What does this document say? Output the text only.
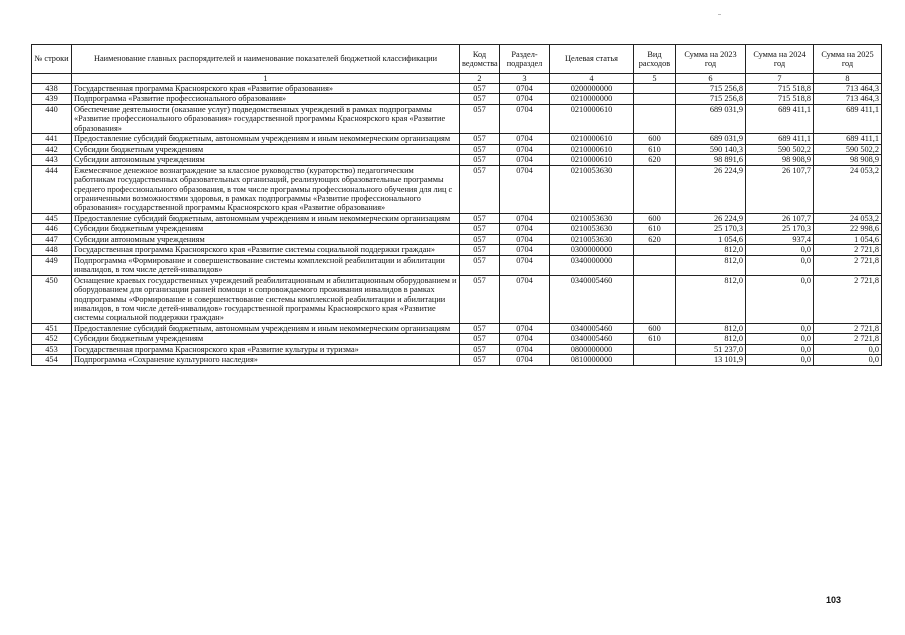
№ строки	Наименование главных распорядителей и наименование показателей бюджетной классификации	Код ведомства	Раздел-подраздел	Целевая статья	Вид расходов	Сумма на 2023 год	Сумма на 2024 год	Сумма на 2025 год
	1	2	3	4	5	6	7	8
438	Государственная программа Красноярского края «Развитие образования»	057	0704	0200000000		715 256,8	715 518,8	713 464,3
439	Подпрограмма «Развитие профессионального образования»	057	0704	0210000000		715 256,8	715 518,8	713 464,3
440	Обеспечение деятельности (оказание услуг) подведомственных учреждений в рамках подпрограммы «Развитие профессионального образования» государственной программы Красноярского края «Развитие образования»	057	0704	0210000610		689 031,9	689 411,1	689 411,1
441	Предоставление субсидий бюджетным, автономным учреждениям и иным некоммерческим организациям	057	0704	0210000610	600	689 031,9	689 411,1	689 411,1
442	Субсидии бюджетным учреждениям	057	0704	0210000610	610	590 140,3	590 502,2	590 502,2
443	Субсидии автономным учреждениям	057	0704	0210000610	620	98 891,6	98 908,9	98 908,9
444	Ежемесячное денежное вознаграждение за классное руководство (кураторство) педагогическим работникам государственных образовательных организаций, реализующих образовательные программы среднего профессионального образования, в том числе программы профессионального обучения для лиц с ограниченными возможностями здоровья, в рамках подпрограммы «Развитие профессионального образования» государственной программы Красноярского края «Развитие образования»	057	0704	0210053630		26 224,9	26 107,7	24 053,2
445	Предоставление субсидий бюджетным, автономным учреждениям и иным некоммерческим организациям	057	0704	0210053630	600	26 224,9	26 107,7	24 053,2
446	Субсидии бюджетным учреждениям	057	0704	0210053630	610	25 170,3	25 170,3	22 998,6
447	Субсидии автономным учреждениям	057	0704	0210053630	620	1 054,6	937,4	1 054,6
448	Государственная программа Красноярского края «Развитие системы социальной поддержки граждан»	057	0704	0300000000		812,0	0,0	2 721,8
449	Подпрограмма «Формирование и совершенствование системы комплексной реабилитации и абилитации инвалидов, в том числе детей-инвалидов»	057	0704	0340000000		812,0	0,0	2 721,8
450	Оснащение краевых государственных учреждений реабилитационным и абилитационным оборудованием и оборудованием для организации ранней помощи и сопровождаемого проживания инвалидов в рамках подпрограммы «Формирование и совершенствование системы комплексной реабилитации и абилитации инвалидов, в том числе детей-инвалидов» государственной программы Красноярского края «Развитие системы социальной поддержки граждан»	057	0704	0340005460		812,0	0,0	2 721,8
451	Предоставление субсидий бюджетным, автономным учреждениям и иным некоммерческим организациям	057	0704	0340005460	600	812,0	0,0	2 721,8
452	Субсидии бюджетным учреждениям	057	0704	0340005460	610	812,0	0,0	2 721,8
453	Государственная программа Красноярского края «Развитие культуры и туризма»	057	0704	0800000000		51 237,0	0,0	0,0
454	Подпрограмма «Сохранение культурного наследия»	057	0704	0810000000		13 101,9	0,0	0,0
103
